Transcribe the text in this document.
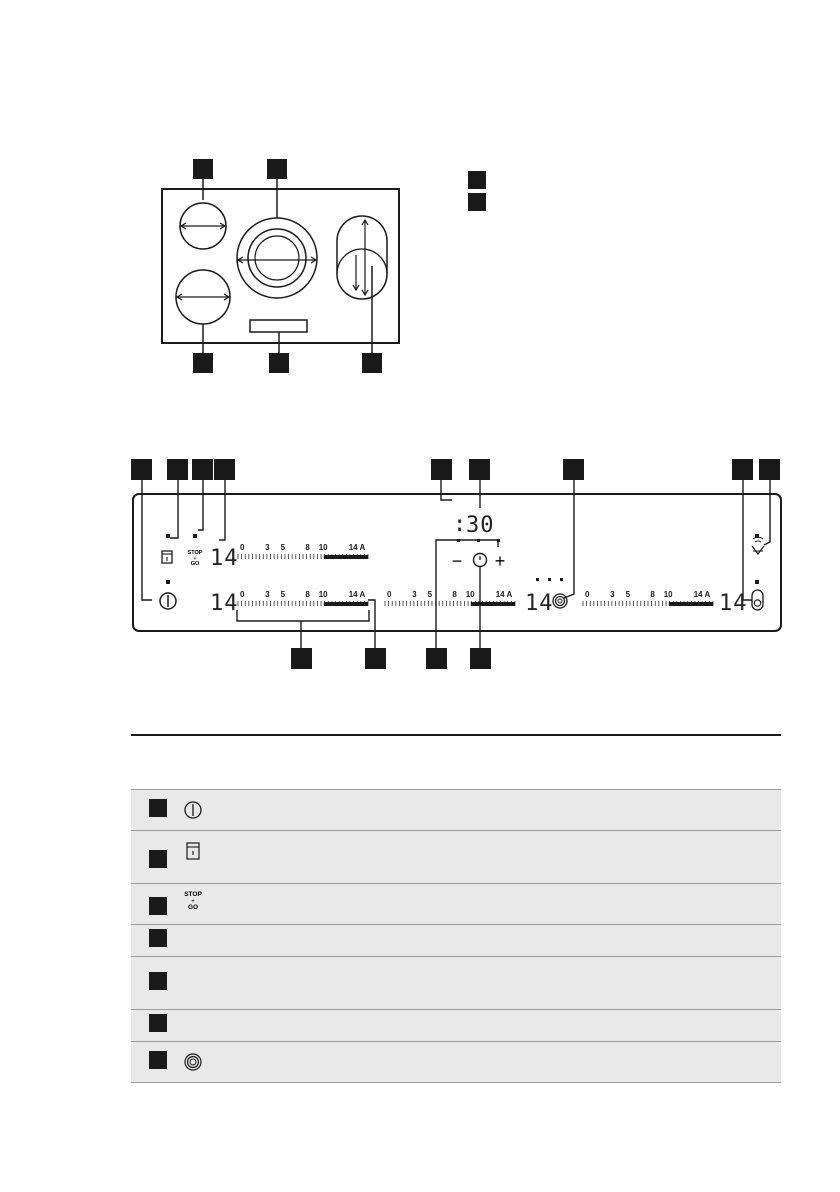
STOP
+
GO 14
14	14	14
:
30
− +
0	3 5	8 10	14 A
0	3 5	8 10	14 A	0	3 5	8 10	14 A	0	3 5	8 10	14 A

STOP
+
GO
